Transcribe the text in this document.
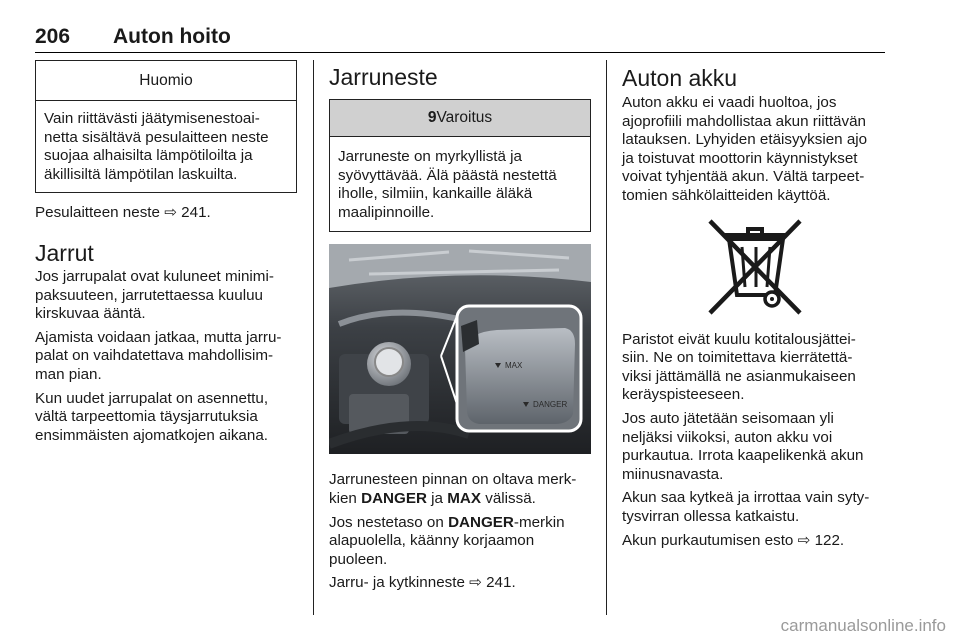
206 Auton hoito
Huomio
Vain riittävästi jäätymisenestoai-
netta sisältävä pesulaitteen neste
suojaa alhaisilta lämpötiloilta ja
äkillisiltä lämpötilan laskuilta.

Pesulaitteen neste ⇨ 241.

Jarrut

Jos jarrupalat ovat kuluneet minimi-
paksuuteen, jarrutettaessa kuuluu
kirskuvaa ääntä.

Ajamista voidaan jatkaa, mutta jarru-
palat on vaihdatettava mahdollisim-
man pian.

Kun uudet jarrupalat on asennettu,
vältä tarpeettomia täysjarrutuksia
ensimmäisten ajomatkojen aikana.

Jarruneste
9Varoitus
Jarruneste on myrkyllistä ja
syövyttävää. Älä päästä nestettä
iholle, silmiin, kankaille äläkä
maalipinnoille.
MAX
DANGER

Jarrunesteen pinnan on oltava merk-
kien DANGER ja MAX välissä.

Jos nestetaso on DANGER-merkin
alapuolella, käänny korjaamon
puoleen.

Jarru- ja kytkinneste ⇨ 241.

Auton akku

Auton akku ei vaadi huoltoa, jos
ajoprofiili mahdollistaa akun riittävän
latauksen. Lyhyiden etäisyyksien ajo
ja toistuvat moottorin käynnistykset
voivat tyhjentää akun. Vältä tarpeet-
tomien sähkölaitteiden käyttöä.

Paristot eivät kuulu kotitalousjättei-
siin. Ne on toimitettava kierrätettä-
viksi jättämällä ne asianmukaiseen
keräyspisteeseen.

Jos auto jätetään seisomaan yli
neljäksi viikoksi, auton akku voi
purkautua. Irrota kaapelikenkä akun
miinusnavasta.

Akun saa kytkeä ja irrottaa vain syty-
tysvirran ollessa katkaistu.

Akun purkautumisen esto ⇨ 122.

carmanualsonline.info
